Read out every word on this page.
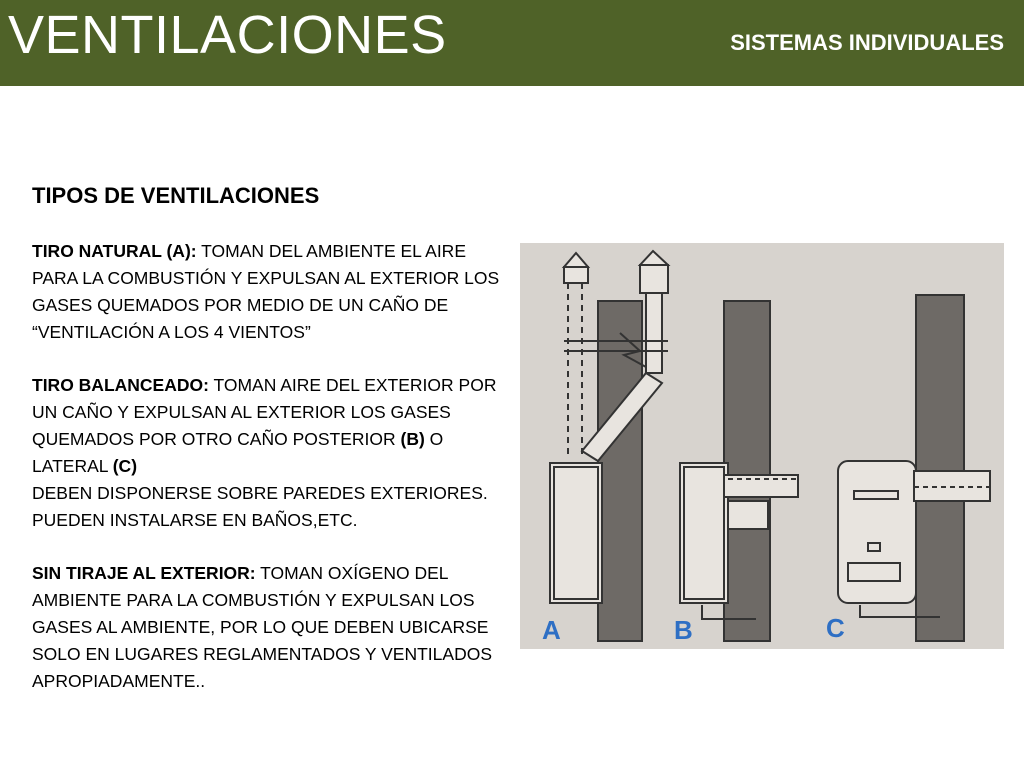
VENTILACIONES	SISTEMAS INDIVIDUALES
TIPOS DE VENTILACIONES

TIRO NATURAL (A): TOMAN DEL AMBIENTE EL AIRE PARA LA COMBUSTIÓN Y EXPULSAN AL EXTERIOR LOS GASES QUEMADOS POR MEDIO DE UN CAÑO DE “VENTILACIÓN A LOS 4 VIENTOS”

TIRO BALANCEADO: TOMAN AIRE DEL EXTERIOR POR UN CAÑO Y EXPULSAN AL EXTERIOR LOS GASES QUEMADOS POR OTRO CAÑO POSTERIOR (B) O LATERAL (C)
DEBEN DISPONERSE SOBRE PAREDES EXTERIORES.
PUEDEN INSTALARSE EN BAÑOS,ETC.

SIN TIRAJE AL EXTERIOR: TOMAN OXÍGENO DEL AMBIENTE PARA LA COMBUSTIÓN Y EXPULSAN LOS GASES AL AMBIENTE, POR LO QUE DEBEN UBICARSE SOLO EN LUGARES REGLAMENTADOS Y VENTILADOS APROPIADAMENTE..

A	B	C
